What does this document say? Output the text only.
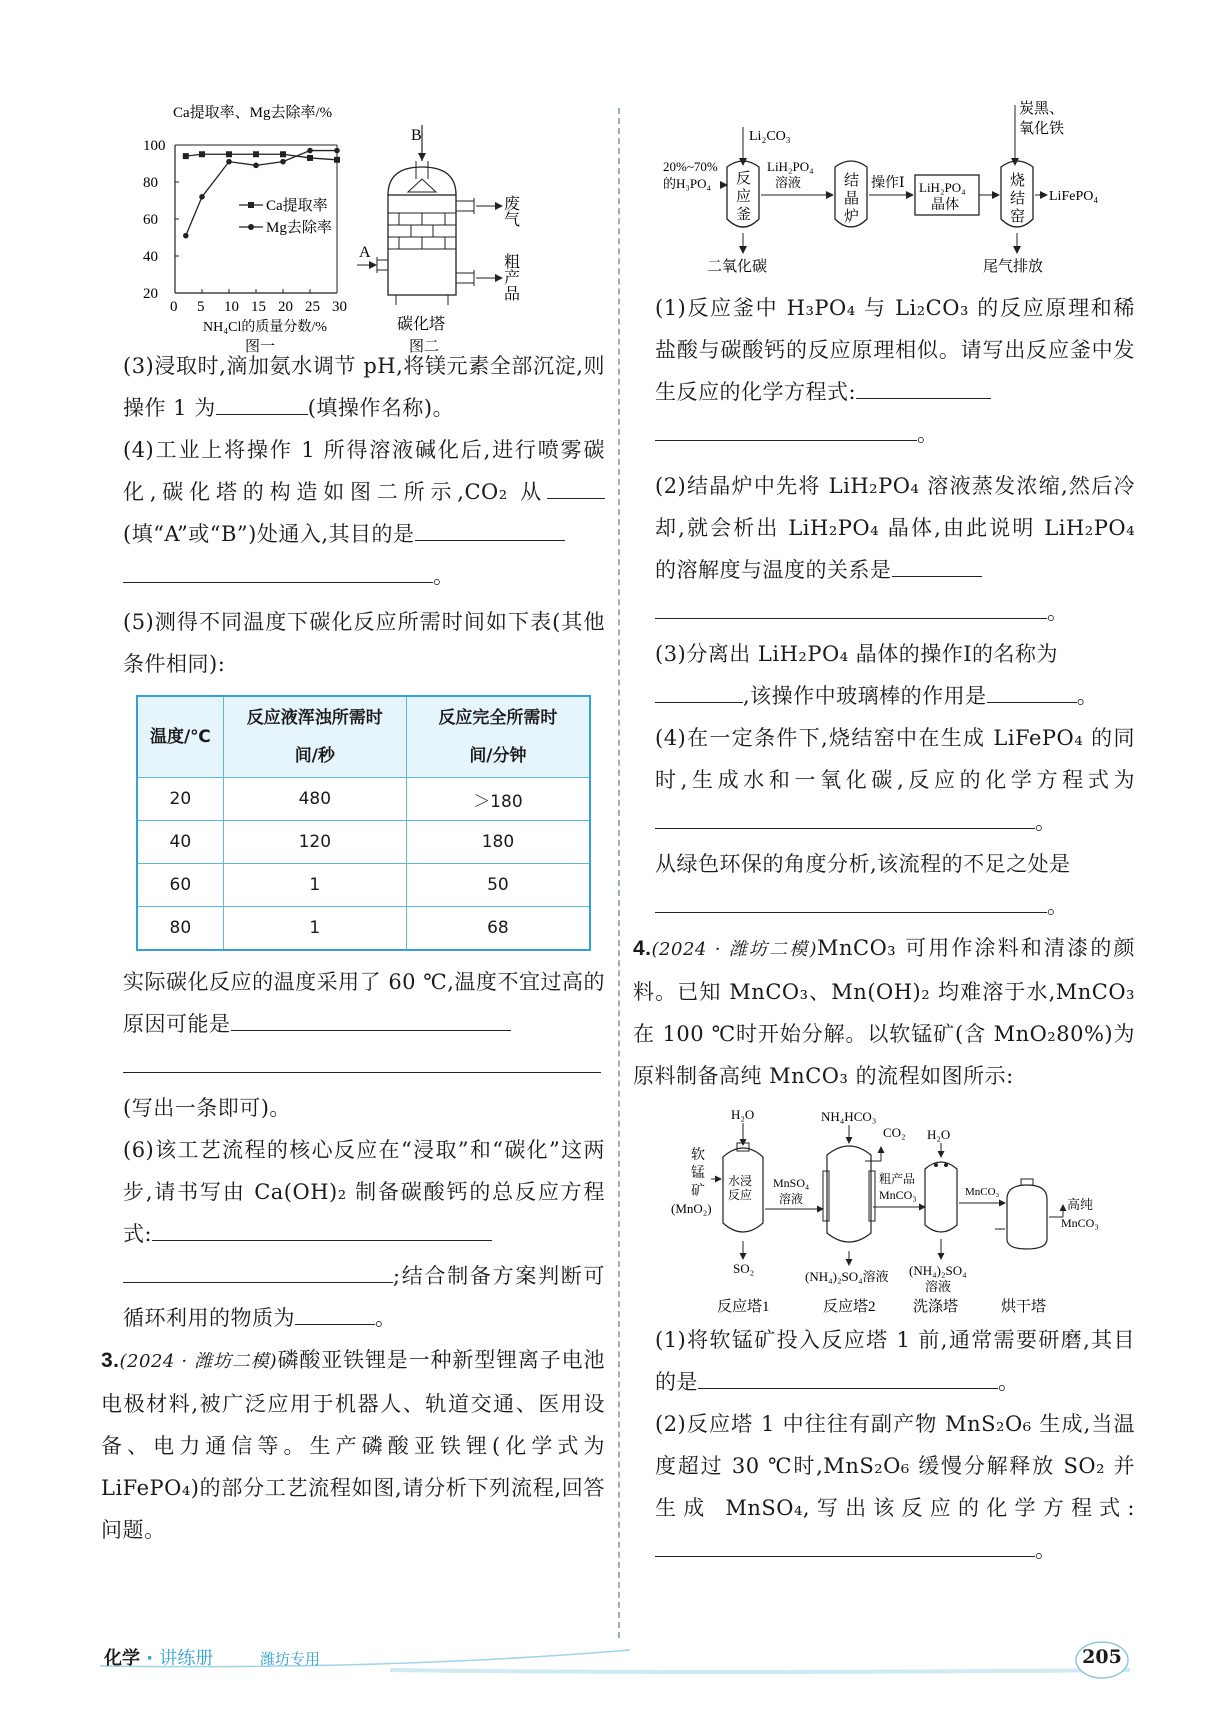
Ca提取率、Mg去除率/%
100
80
60
40
20
0 5 10 15 20 25 30
Ca提取率
Mg去除率
NH₄Cl的质量分数/%
图一
B
A
废气
粗产品
碳化塔
图二

(3)浸取时,滴加氨水调节 pH,将镁元素全部沉淀,则操作 1 为	(填操作名称)。

(4)工业上将操作 1 所得溶液碱化后,进行喷雾碳化,碳化塔的构造如图二所示,CO₂ 从(填“A”或“B”)处通入,其目的是
。

(5)测得不同温度下碳化反应所需时间如下表(其他条件相同):

温度/℃	反应液浑浊所需时间/秒	反应完全所需时间/分钟
20	480	＞180
40	120	180
60	1	50
80	1	68

实际碳化反应的温度采用了 60 ℃,温度不宜过高的原因可能是

(写出一条即可)。

(6)该工艺流程的核心反应在“浸取”和“碳化”这两步,请书写由 Ca(OH)₂ 制备碳酸钙的总反应方程式:
;结合制备方案判断可循环利用的物质为	。

3.(2024 · 潍坊二模)磷酸亚铁锂是一种新型锂离子电池电极材料,被广泛应用于机器人、轨道交通、医用设备、电力通信等。生产磷酸亚铁锂(化学式为 LiFePO₄)的部分工艺流程如图,请分析下列流程,回答问题。

Li₂CO₃
20%~70%
的H₃PO₄ 反
应
釜
二氧化碳
LiH₂PO₄
溶液	结
晶
炉
操作Ⅰ LiH₂PO₄
晶体
炭黑、
氧化铁
烧
结
窑
LiFePO₄
尾气排放

(1)反应釜中 H₃PO₄ 与 Li₂CO₃ 的反应原理和稀盐酸与碳酸钙的反应原理相似。请写出反应釜中发生反应的化学方程式:
。

(2)结晶炉中先将 LiH₂PO₄ 溶液蒸发浓缩,然后冷却,就会析出 LiH₂PO₄ 晶体,由此说明 LiH₂PO₄ 的溶解度与温度的关系是
。

(3)分离出 LiH₂PO₄ 晶体的操作Ⅰ的名称为
,该操作中玻璃棒的作用是	。

(4)在一定条件下,烧结窑中在生成 LiFePO₄ 的同时,生成水和一氧化碳,反应的化学方程式为。
从绿色环保的角度分析,该流程的不足之处是
。

4.(2024 · 潍坊二模)MnCO₃ 可用作涂料和清漆的颜料。已知 MnCO₃、Mn(OH)₂ 均难溶于水,MnCO₃ 在 100 ℃时开始分解。以软锰矿(含 MnO₂80%)为原料制备高纯 MnCO₃ 的流程如图所示:

软
锰
矿
(MnO₂)
H₂O
水浸
反应
SO₂
MnSO₄
溶液
NH₄HCO₃
CO₂
粗产品
MnCO₃
(NH₄)₂SO₄溶液
H₂O
MnCO₃
(NH₄)₂SO₄
溶液
高纯
MnCO₃
反应塔1	反应塔2 洗涤塔	烘干塔

(1)将软锰矿投入反应塔 1 前,通常需要研磨,其目的是	。

(2)反应塔 1 中往往有副产物 MnS₂O₆ 生成,当温度超过 30 ℃时,MnS₂O₆ 缓慢分解释放 SO₂ 并生成 MnSO₄,写出该反应的化学方程式:。

化学 · 讲练册	潍坊专用	205
